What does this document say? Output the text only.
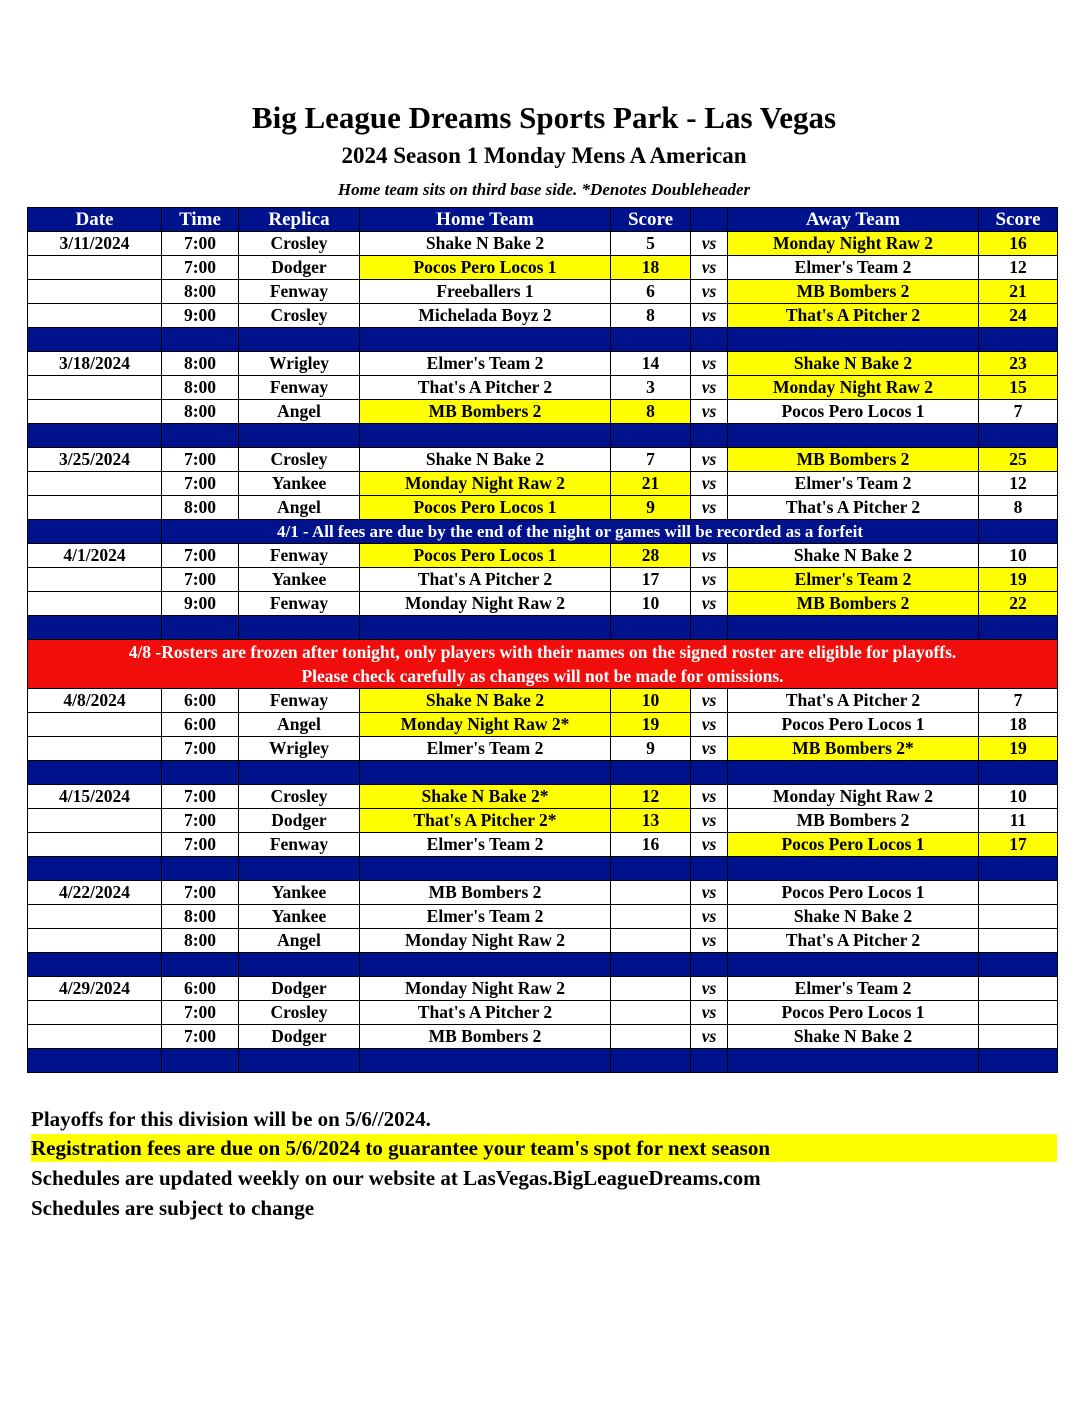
Big League Dreams Sports Park - Las Vegas
2024 Season 1 Monday Mens A American
Home team sits on third base side. *Denotes Doubleheader
Date	Time	Replica	Home Team	Score		Away Team	Score
3/11/2024	7:00	Crosley	Shake N Bake 2	5	vs	Monday Night Raw 2	16
	7:00	Dodger	Pocos Pero Locos 1	18	vs	Elmer's Team 2	12
	8:00	Fenway	Freeballers 1	6	vs	MB Bombers 2	21
	9:00	Crosley	Michelada Boyz 2	8	vs	That's A Pitcher 2	24

3/18/2024	8:00	Wrigley	Elmer's Team 2	14	vs	Shake N Bake 2	23
	8:00	Fenway	That's A Pitcher 2	3	vs	Monday Night Raw 2	15
	8:00	Angel	MB Bombers 2	8	vs	Pocos Pero Locos 1	7

3/25/2024	7:00	Crosley	Shake N Bake 2	7	vs	MB Bombers 2	25
	7:00	Yankee	Monday Night Raw 2	21	vs	Elmer's Team 2	12
	8:00	Angel	Pocos Pero Locos 1	9	vs	That's A Pitcher 2	8
	4/1 - All fees are due by the end of the night or games will be recorded as a forfeit						
4/1/2024	7:00	Fenway	Pocos Pero Locos 1	28	vs	Shake N Bake 2	10
	7:00	Yankee	That's A Pitcher 2	17	vs	Elmer's Team 2	19
	9:00	Fenway	Monday Night Raw 2	10	vs	MB Bombers 2	22

4/8 -Rosters are frozen after tonight, only players with their names on the signed roster are eligible for playoffs.
Please check carefully as changes will not be made for omissions.							

4/8/2024	6:00	Fenway	Shake N Bake 2	10	vs	That's A Pitcher 2	7
	6:00	Angel	Monday Night Raw 2*	19	vs	Pocos Pero Locos 1	18
	7:00	Wrigley	Elmer's Team 2	9	vs	MB Bombers 2*	19

4/15/2024	7:00	Crosley	Shake N Bake 2*	12	vs	Monday Night Raw 2	10
	7:00	Dodger	That's A Pitcher 2*	13	vs	MB Bombers 2	11
	7:00	Fenway	Elmer's Team 2	16	vs	Pocos Pero Locos 1	17

4/22/2024	7:00	Yankee	MB Bombers 2		vs	Pocos Pero Locos 1	
	8:00	Yankee	Elmer's Team 2		vs	Shake N Bake 2	
	8:00	Angel	Monday Night Raw 2		vs	That's A Pitcher 2	

4/29/2024	6:00	Dodger	Monday Night Raw 2		vs	Elmer's Team 2	
	7:00	Crosley	That's A Pitcher 2		vs	Pocos Pero Locos 1	
	7:00	Dodger	MB Bombers 2		vs	Shake N Bake 2	

Playoffs for this division will be on 5/6//2024.
Registration fees are due on 5/6/2024 to guarantee your team's spot for next season
Schedules are updated weekly on our website at LasVegas.BigLeagueDreams.com
Schedules are subject to change
